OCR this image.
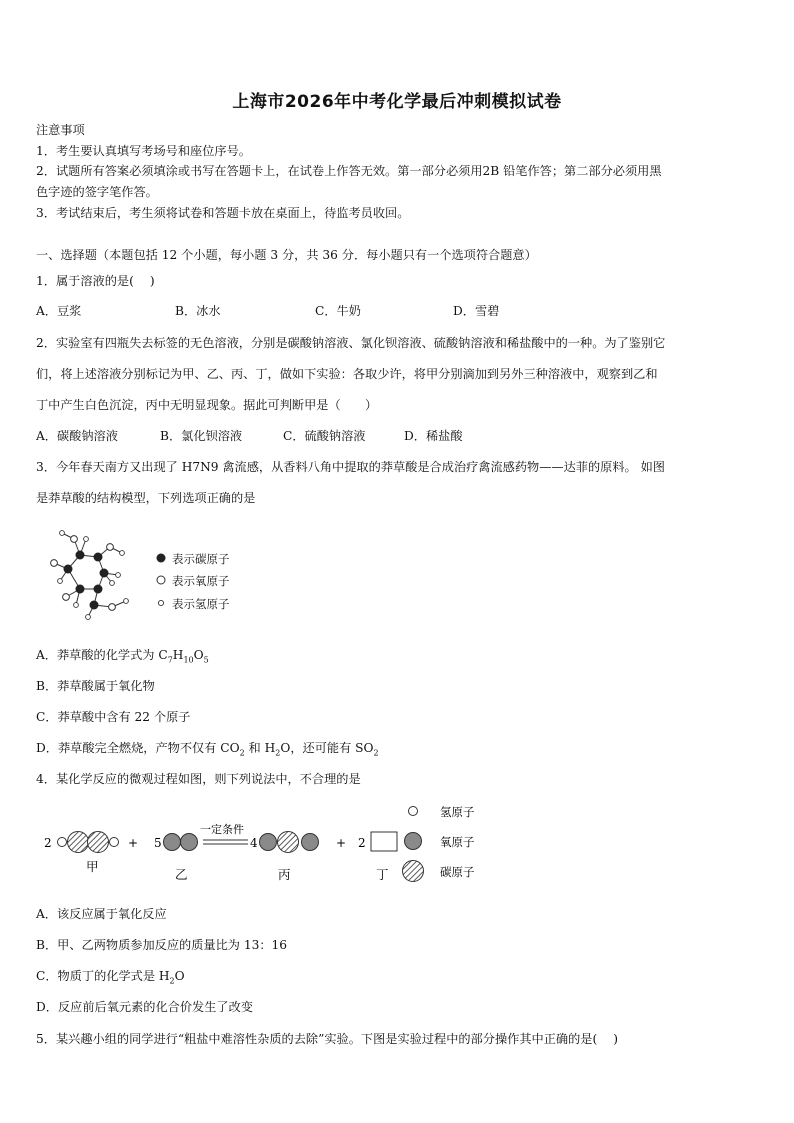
上海市2026年中考化学最后冲刺模拟试卷
注意事项
1．考生要认真填写考场号和座位序号。
2．试题所有答案必须填涂或书写在答题卡上，在试卷上作答无效。第一部分必须用2B 铅笔作答；第二部分必须用黑
色字迹的签字笔作答。
3．考试结束后，考生须将试卷和答题卡放在桌面上，待监考员收回。
一、选择题（本题包括 12 个小题，每小题 3 分，共 36 分．每小题只有一个选项符合题意）
1．属于溶液的是(　 )
A．豆浆	B．冰水	C．牛奶	D．雪碧
2．实验室有四瓶失去标签的无色溶液，分别是碳酸钠溶液、氯化钡溶液、硫酸钠溶液和稀盐酸中的一种。为了鉴别它
们，将上述溶液分别标记为甲、乙、丙、丁，做如下实验：各取少许，将甲分别滴加到另外三种溶液中，观察到乙和
丁中产生白色沉淀，丙中无明显现象。据此可判断甲是（　　）
A．碳酸钠溶液	B．氯化钡溶液	C．硫酸钠溶液	D．稀盐酸
3．今年春天南方又出现了 H7N9 禽流感，从香料八角中提取的莽草酸是合成治疗禽流感药物——达菲的原料。 如图
是莽草酸的结构模型，下列选项正确的是
表示碳原子
表示氧原子
表示氢原子
A．莽草酸的化学式为 $C_7H_{10}O_5$
B．莽草酸属于氧化物
C．莽草酸中含有 22 个原子
D．莽草酸完全燃烧，产物不仅有 $CO_2$ 和 $H_2O$，还可能有 $SO_2$
4．某化学反应的微观过程如图，则下列说法中，不合理的是
2	+
甲
5
乙
一定条件
4
丙
+ 2
丁
氢原子
氧原子
碳原子
A．该反应属于氧化反应
B．甲、乙两物质参加反应的质量比为 13：16
C．物质丁的化学式是 $H_2O$
D．反应前后氧元素的化合价发生了改变
5．某兴趣小组的同学进行“粗盐中难溶性杂质的去除”实验。下图是实验过程中的部分操作其中正确的是(　 )
